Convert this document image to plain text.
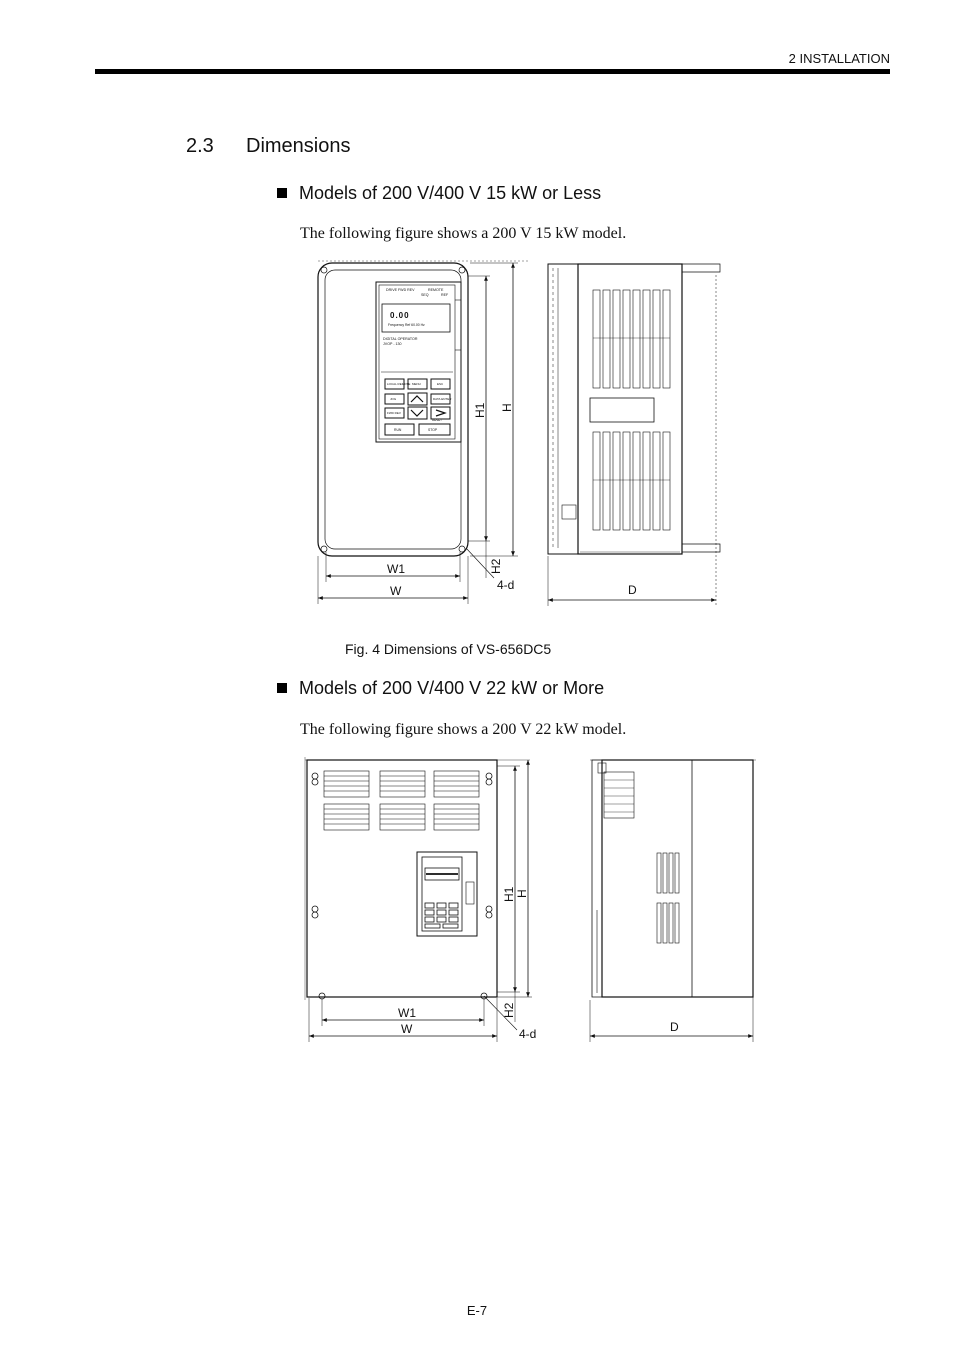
2 INSTALLATION
2.3 Dimensions
Models of 200 V/400 V 15 kW or Less
The following figure shows a 200 V 15 kW model.
DRIVE FWD REV	REMOTE
SEQ	REF
0.00
Frequency Ref 60.00 Hz
DIGITAL OPERATOR
JVOP - 130
LOCAL REMOTE MENU	ESC
JOG	DATA ENTER
FWD REV
RESET
RUN	STOP
H1 H
H2
W1
W	4-d	D
H1 H
H2
W1
W	4-d	D
Fig. 4 Dimensions of VS-656DC5
Models of 200 V/400 V 22 kW or More
The following figure shows a 200 V 22 kW model.
E-7
